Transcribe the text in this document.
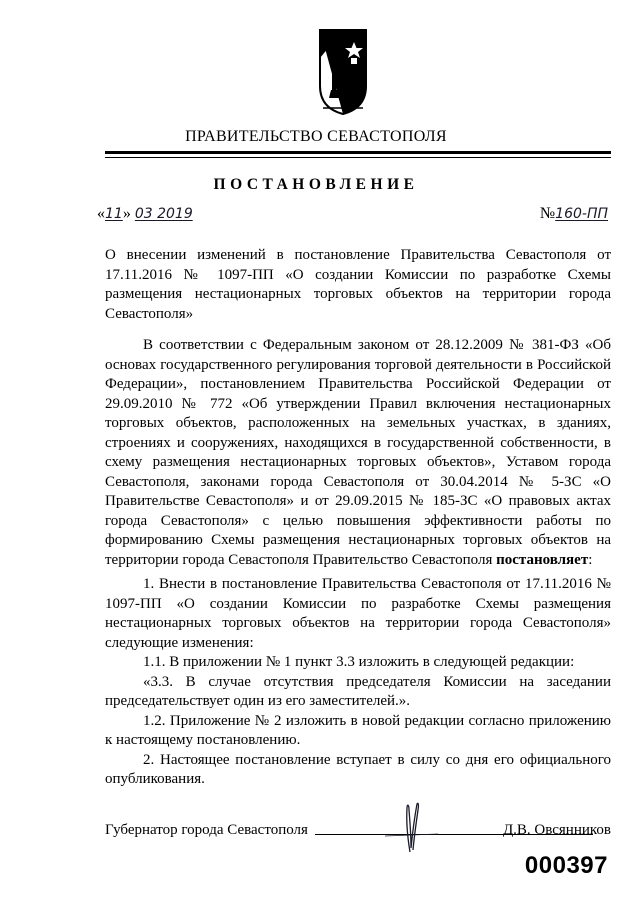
ПРАВИТЕЛЬСТВО СЕВАСТОПОЛЯ
ПОСТАНОВЛЕНИЕ
«11» 03 2019	№160-ПП

О внесении изменений в постановление Правительства Севастополя от 17.11.2016 № 1097-ПП «О создании Комиссии по разработке Схемы размещения нестационарных торговых объектов на территории города Севастополя»

В соответствии с Федеральным законом от 28.12.2009 № 381-ФЗ «Об основах государственного регулирования торговой деятельности в Российской Федерации», постановлением Правительства Российской Федерации от 29.09.2010 № 772 «Об утверждении Правил включения нестационарных торговых объектов, расположенных на земельных участках, в зданиях, строениях и сооружениях, находящихся в государственной собственности, в схему размещения нестационарных торговых объектов», Уставом города Севастополя, законами города Севастополя от 30.04.2014 № 5-ЗС «О Правительстве Севастополя» и от 29.09.2015 № 185-ЗС «О правовых актах города Севастополя» с целью повышения эффективности работы по формированию Схемы размещения нестационарных торговых объектов на территории города Севастополя Правительство Севастополя постановляет:

1. Внести в постановление Правительства Севастополя от 17.11.2016 № 1097-ПП «О создании Комиссии по разработке Схемы размещения нестационарных торговых объектов на территории города Севастополя» следующие изменения:

1.1. В приложении № 1 пункт 3.3 изложить в следующей редакции:

«3.3. В случае отсутствия председателя Комиссии на заседании председательствует один из его заместителей.».

1.2. Приложение № 2 изложить в новой редакции согласно приложению к настоящему постановлению.

2. Настоящее постановление вступает в силу со дня его официального опубликования.

Губернатор города Севастополя	Д.В. Овсянников
000397
